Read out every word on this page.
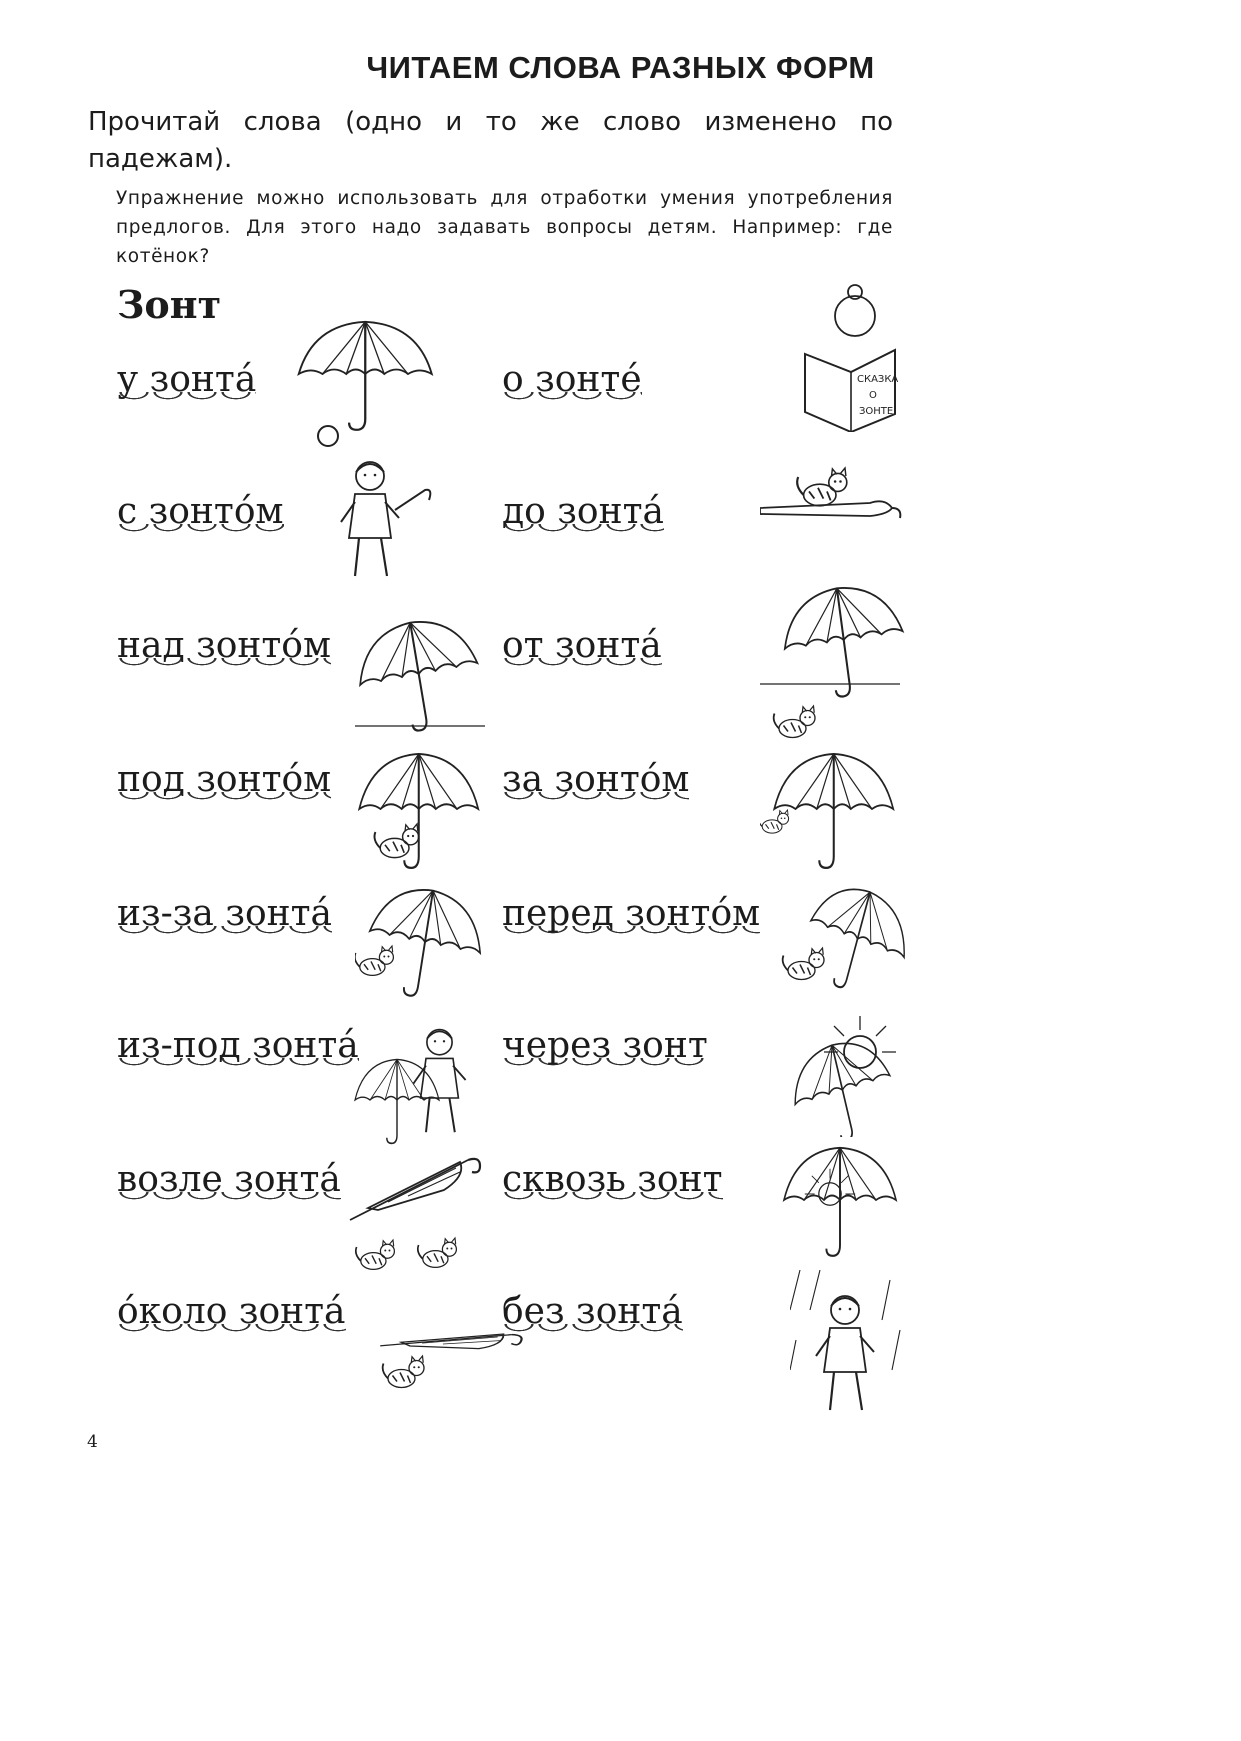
ЧИТАЕМ СЛОВА РАЗНЫХ ФОРМ
Прочитай слова (одно и то же слово изменено по падежам).
Упражнение можно использовать для отработки умения употребления предлогов. Для этого надо задавать вопросы детям. Например: где котёнок?
Зонт
у зонта́
с зонто́м
над зонто́м
под зонто́м
из-за зонта́
из-под зонта́
возле зонта́
о́коло зонта́
о зонте́
до зонта́
от зонта́
за зонто́м
перед зонто́м
через зонт
сквозь зонт
без зонта́
СКАЗКА
О
ЗОНТЕ
4
